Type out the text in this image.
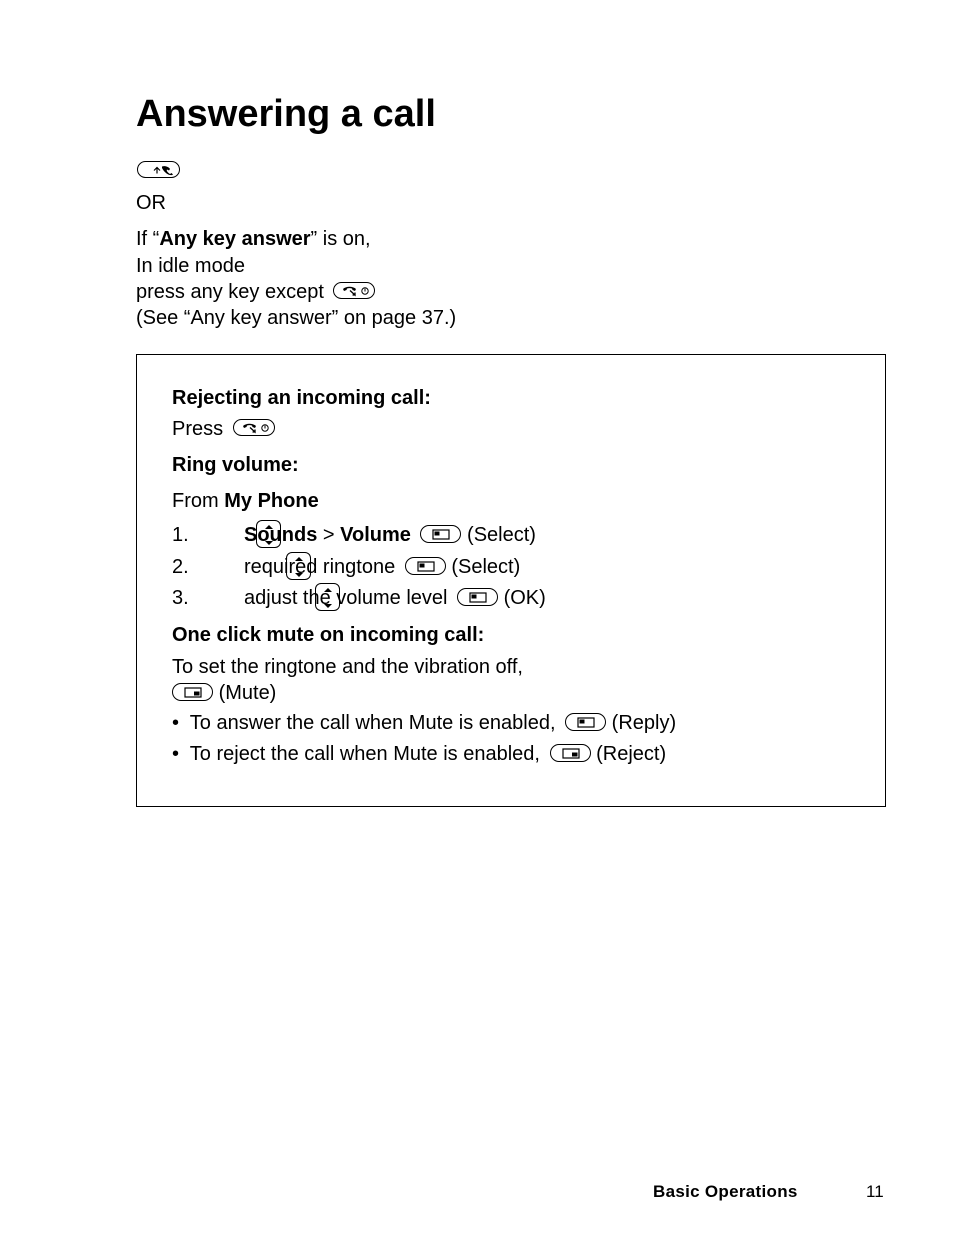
Answering a call

OR
If “Any key answer” is on,
In idle mode
press any key except
(See “Any key answer” on page 37.)
Rejecting an incoming call:
Press
Ring volume:
From My Phone
1.
	Sounds > Volume	(Select)
2.
	required ringtone	(Select)
3.	adjust the volume level	(OK)
One click mute on incoming call:
To set the ringtone and the vibration off,
(Mute)
• To answer the call when Mute is enabled,	(Reply)
• To reject the call when Mute is enabled,	(Reject)
Basic Operations	11
